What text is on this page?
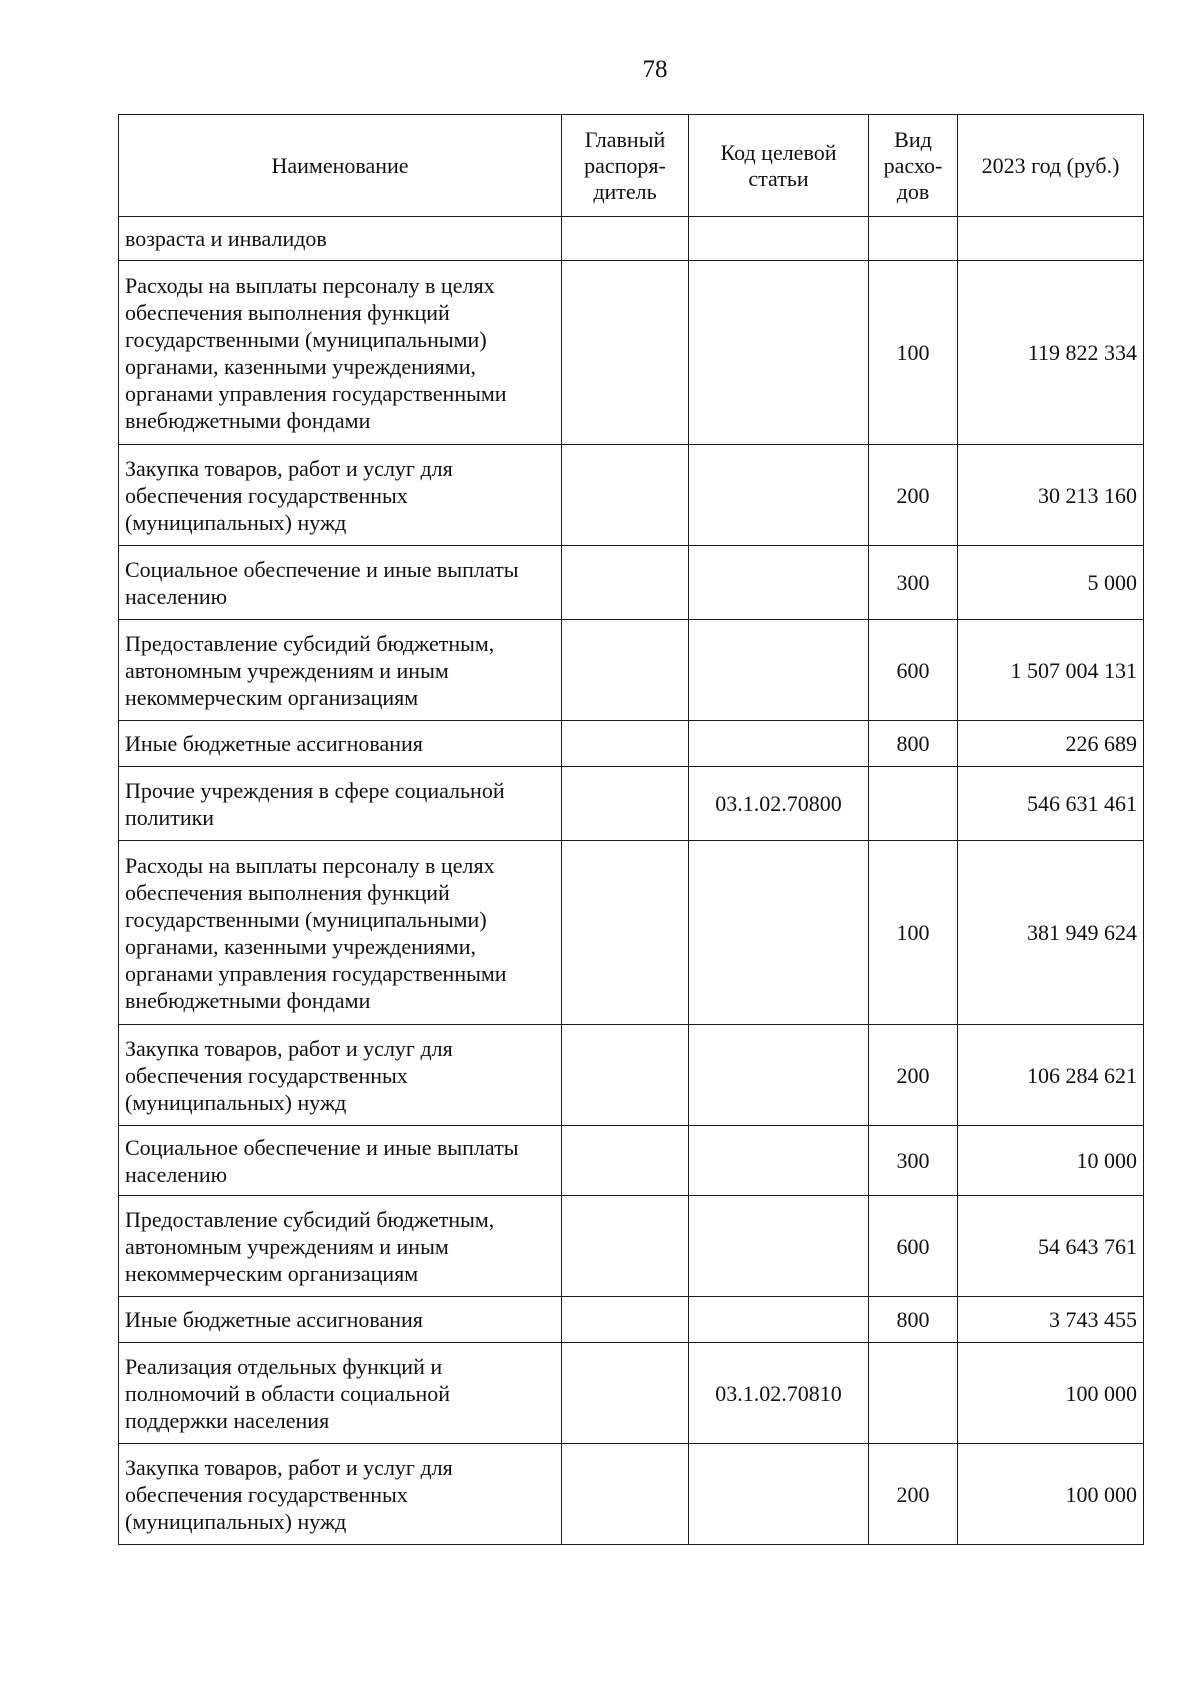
78
Наименование	Главный распоря-дитель	Код целевой статьи	Вид расхо-дов	2023 год (руб.)
возраста и инвалидов				
Расходы на выплаты персоналу в целях обеспечения выполнения функций государственными (муниципальными) органами, казенными учреждениями, органами управления государственными внебюджетными фондами			100	119 822 334
Закупка товаров, работ и услуг для обеспечения государственных (муниципальных) нужд			200	30 213 160
Социальное обеспечение и иные выплаты населению			300	5 000
Предоставление субсидий бюджетным, автономным учреждениям и иным некоммерческим организациям			600	1 507 004 131
Иные бюджетные ассигнования			800	226 689
Прочие учреждения в сфере социальной политики		03.1.02.70800		546 631 461
Расходы на выплаты персоналу в целях обеспечения выполнения функций государственными (муниципальными) органами, казенными учреждениями, органами управления государственными внебюджетными фондами			100	381 949 624
Закупка товаров, работ и услуг для обеспечения государственных (муниципальных) нужд			200	106 284 621
Социальное обеспечение и иные выплаты населению			300	10 000
Предоставление субсидий бюджетным, автономным учреждениям и иным некоммерческим организациям			600	54 643 761
Иные бюджетные ассигнования			800	3 743 455
Реализация отдельных функций и полномочий в области социальной поддержки населения		03.1.02.70810		100 000
Закупка товаров, работ и услуг для обеспечения государственных (муниципальных) нужд			200	100 000
